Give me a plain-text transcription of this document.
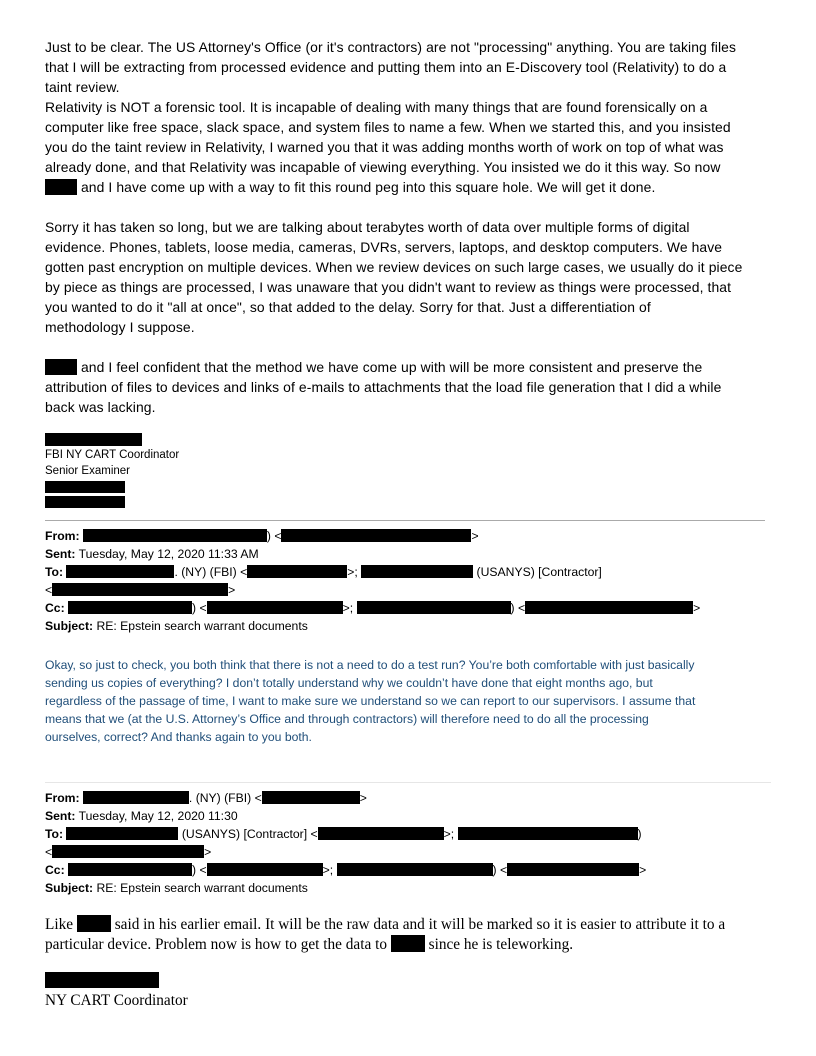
Just to be clear. The US Attorney's Office (or it's contractors) are not "processing" anything. You are taking files

that I will be extracting from processed evidence and putting them into an E-Discovery tool (Relativity) to do a

taint review.

Relativity is NOT a forensic tool. It is incapable of dealing with many things that are found forensically on a

computer like free space, slack space, and system files to name a few. When we started this, and you insisted

you do the taint review in Relativity, I warned you that it was adding months worth of work on top of what was

already done, and that Relativity was incapable of viewing everything. You insisted we do it this way. So now

and I have come up with a way to fit this round peg into this square hole. We will get it done.

Sorry it has taken so long, but we are talking about terabytes worth of data over multiple forms of digital

evidence. Phones, tablets, loose media, cameras, DVRs, servers, laptops, and desktop computers. We have

gotten past encryption on multiple devices. When we review devices on such large cases, we usually do it piece

by piece as things are processed, I was unaware that you didn't want to review as things were processed, that

you wanted to do it "all at once", so that added to the delay. Sorry for that. Just a differentiation of

methodology I suppose.

and I feel confident that the method we have come up with will be more consistent and preserve the

attribution of files to devices and links of e-mails to attachments that the load file generation that I did a while

back was lacking.

FBI NY CART Coordinator
Senior Examiner

From:	) <	>

Sent: Tuesday, May 12, 2020 11:33 AM

To:	. (NY) (FBI) <	>;	(USANYS) [Contractor]

<	>

Cc:	) <	>;	) <	>

Subject: RE: Epstein search warrant documents

Okay, so just to check, you both think that there is not a need to do a test run? You’re both comfortable with just basically

sending us copies of everything? I don’t totally understand why we couldn’t have done that eight months ago, but

regardless of the passage of time, I want to make sure we understand so we can report to our supervisors. I assume that

means that we (at the U.S. Attorney’s Office and through contractors) will therefore need to do all the processing

ourselves, correct? And thanks again to you both.

From:	. (NY) (FBI) <	>

Sent: Tuesday, May 12, 2020 11:30

To:	(USANYS) [Contractor] <	>;	)

<	>

Cc:	) <	>;	) <	>

Subject: RE: Epstein search warrant documents

Like  said in his earlier email. It will be the raw data and it will be marked so it is easier to attribute it to a

particular device. Problem now is how to get the data to  since he is teleworking.

NY CART Coordinator
